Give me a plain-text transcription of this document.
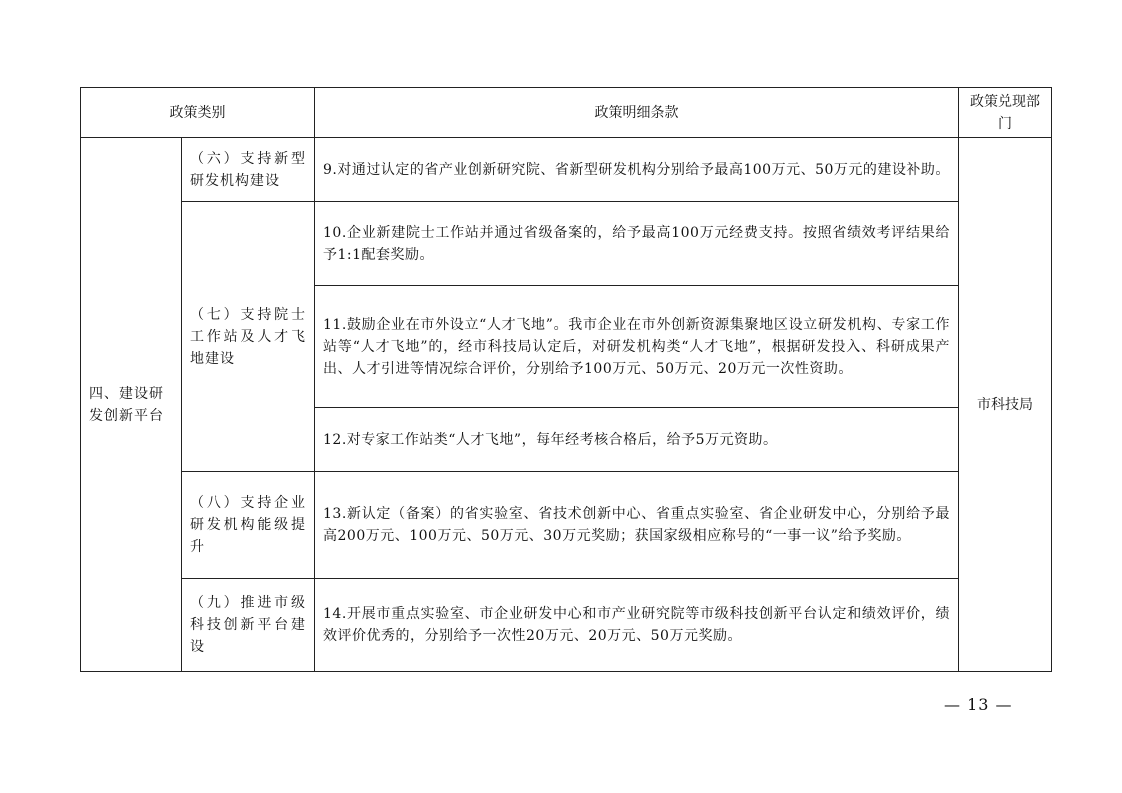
政策类别		政策明细条款	政策兑现部门
四、建设研发创新平台	（六）支持新型研发机构建设	9.对通过认定的省产业创新研究院、省新型研发机构分别给予最高100万元、50万元的建设补助。	市科技局
	（七）支持院士工作站及人才飞地建设	10.企业新建院士工作站并通过省级备案的，给予最高100万元经费支持。按照省绩效考评结果给予1:1配套奖励。	
		11.鼓励企业在市外设立“人才飞地”。我市企业在市外创新资源集聚地区设立研发机构、专家工作站等“人才飞地”的，经市科技局认定后，对研发机构类“人才飞地”，根据研发投入、科研成果产出、人才引进等情况综合评价，分别给予100万元、50万元、20万元一次性资助。	
		12.对专家工作站类“人才飞地”，每年经考核合格后，给予5万元资助。	
	（八）支持企业研发机构能级提升	13.新认定（备案）的省实验室、省技术创新中心、省重点实验室、省企业研发中心，分别给予最高200万元、100万元、50万元、30万元奖励；获国家级相应称号的“一事一议”给予奖励。	
	（九）推进市级科技创新平台建设	14.开展市重点实验室、市企业研发中心和市产业研究院等市级科技创新平台认定和绩效评价，绩效评价优秀的，分别给予一次性20万元、20万元、50万元奖励。	
— 13 —
